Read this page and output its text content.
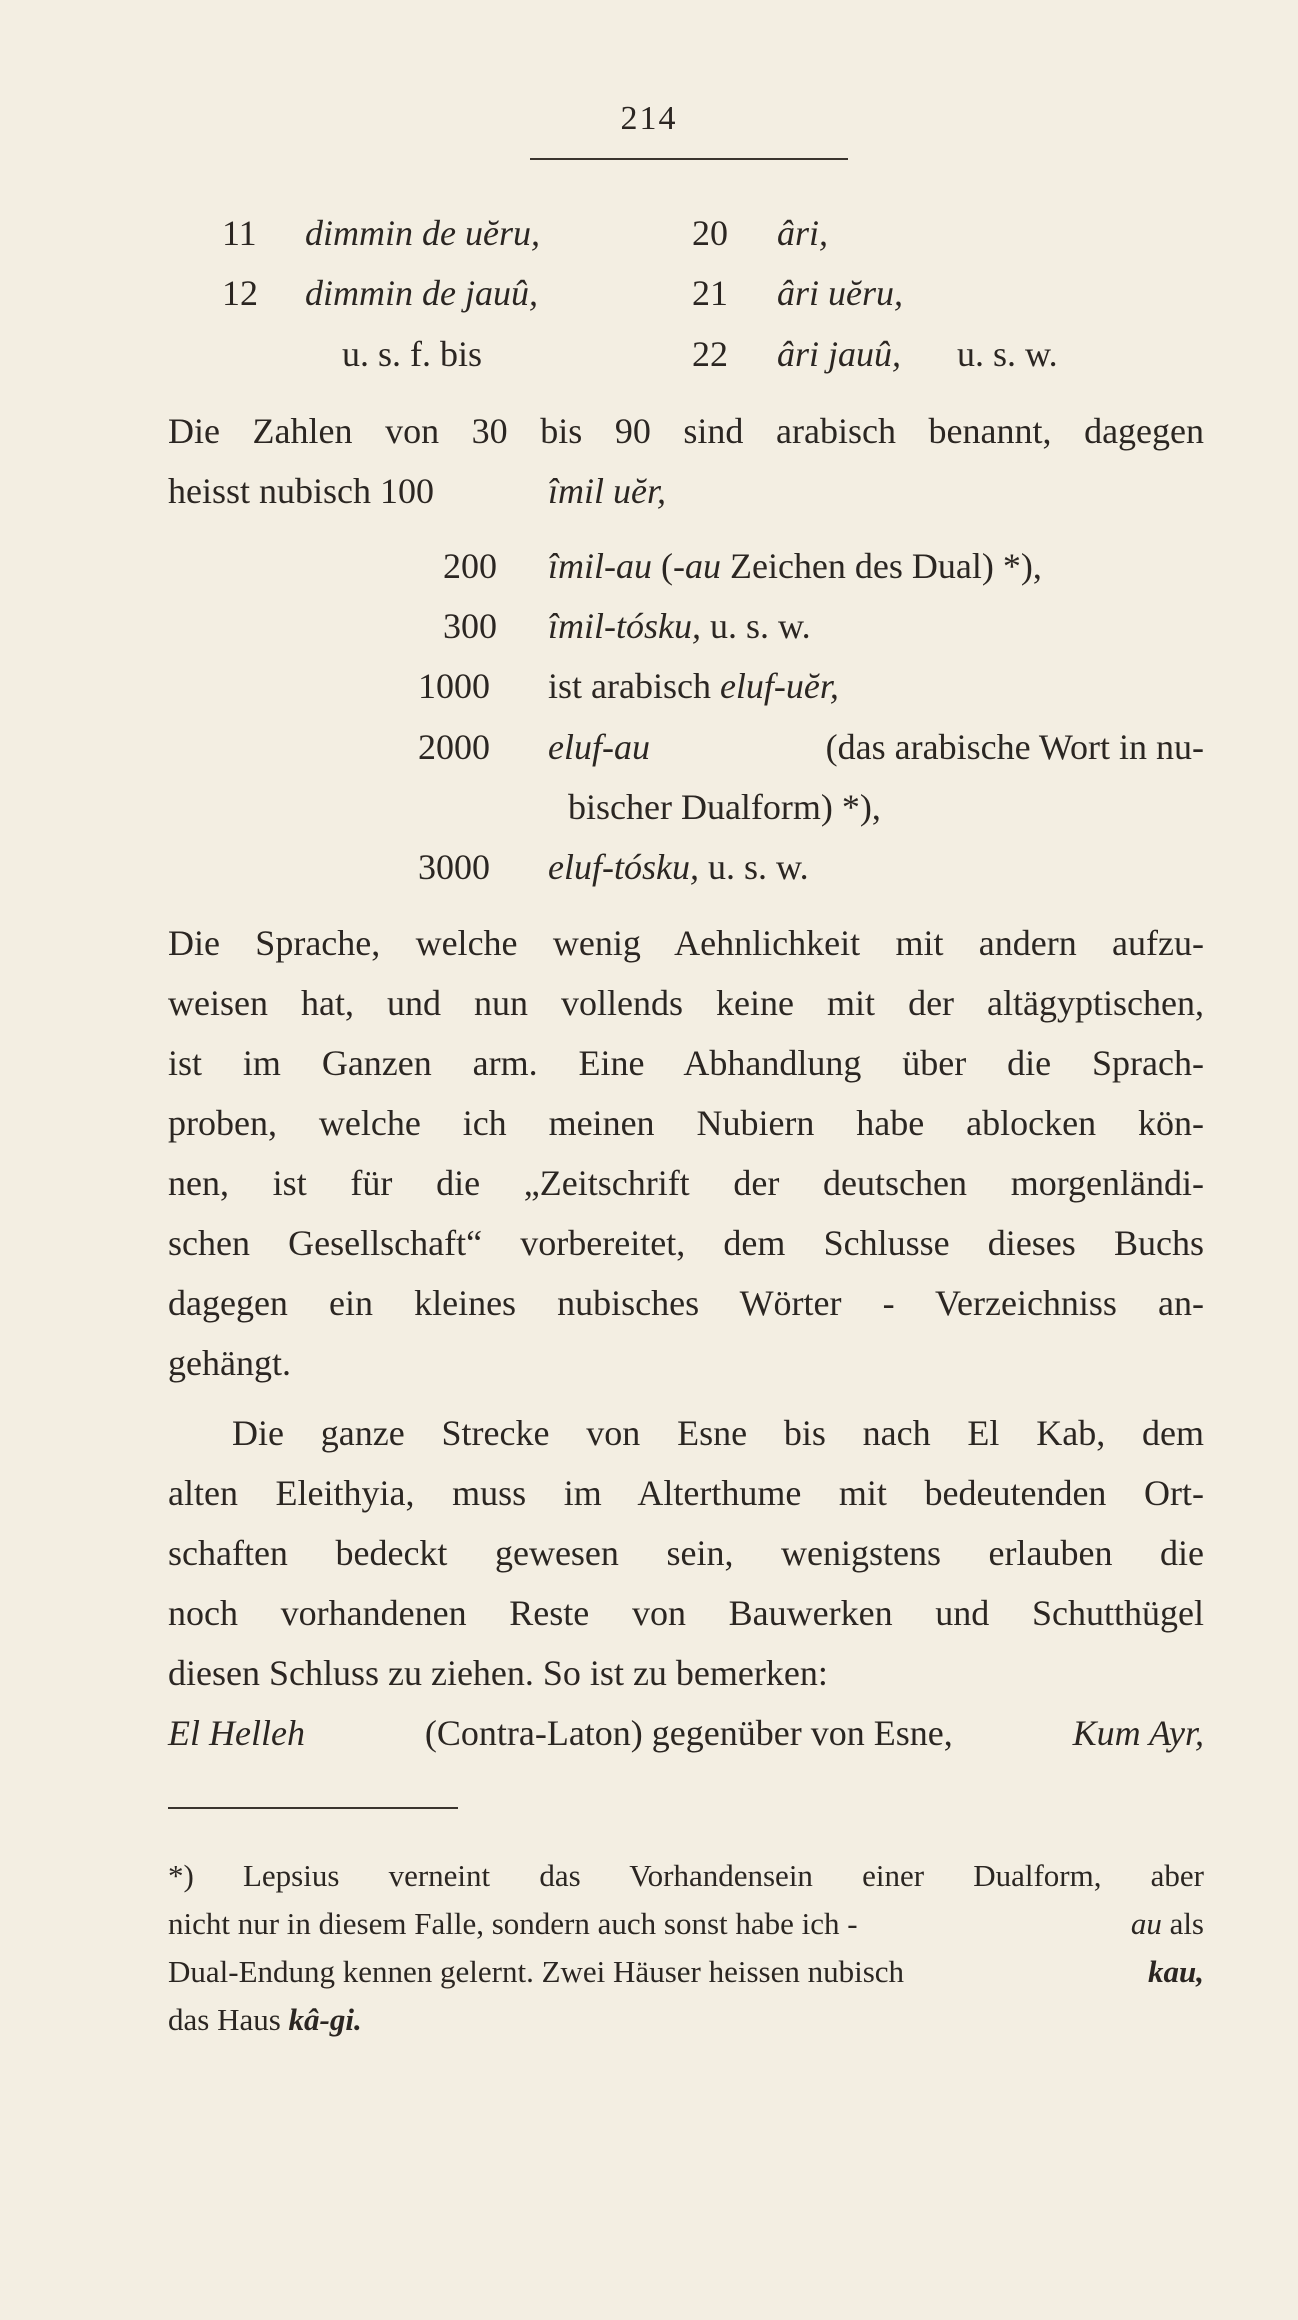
214
11 dimmin de uĕru,	20 âri,
12 dimmin de jauû,	21 âri uĕru,
u. s. f. bis	22 âri jauû, u. s. w.
Die Zahlen von 30 bis 90 sind arabisch benannt, dagegen
heisst nubisch 100	îmil uĕr,
200 îmil-au (-au Zeichen des Dual) *),
300 îmil-tósku, u. s. w.
1000 ist arabisch eluf-uĕr,
2000 eluf-au	(das arabische Wort in nu-
bischer Dualform) *),
3000 eluf-tósku, u. s. w.
Die Sprache, welche wenig Aehnlichkeit mit andern aufzu-
weisen hat, und nun vollends keine mit der altägyptischen,
ist im Ganzen arm. Eine Abhandlung über die Sprach-
proben, welche ich meinen Nubiern habe ablocken kön-
nen, ist für die „Zeitschrift der deutschen morgenländi-
schen Gesellschaft“ vorbereitet, dem Schlusse dieses Buchs
dagegen ein kleines nubisches Wörter - Verzeichniss an-
gehängt.
Die ganze Strecke von Esne bis nach El Kab, dem
alten Eleithyia, muss im Alterthume mit bedeutenden Ort-
schaften bedeckt gewesen sein, wenigstens erlauben die
noch vorhandenen Reste von Bauwerken und Schutthügel
diesen Schluss zu ziehen. So ist zu bemerken:
El Helleh	(Contra-Laton) gegenüber von Esne,	Kum Ayr,
*) Lepsius verneint das Vorhandensein einer Dualform, aber
nicht nur in diesem Falle, sondern auch sonst habe ich -	au als
Dual-Endung kennen gelernt. Zwei Häuser heissen nubisch	kau,
das Haus kâ-gi.
